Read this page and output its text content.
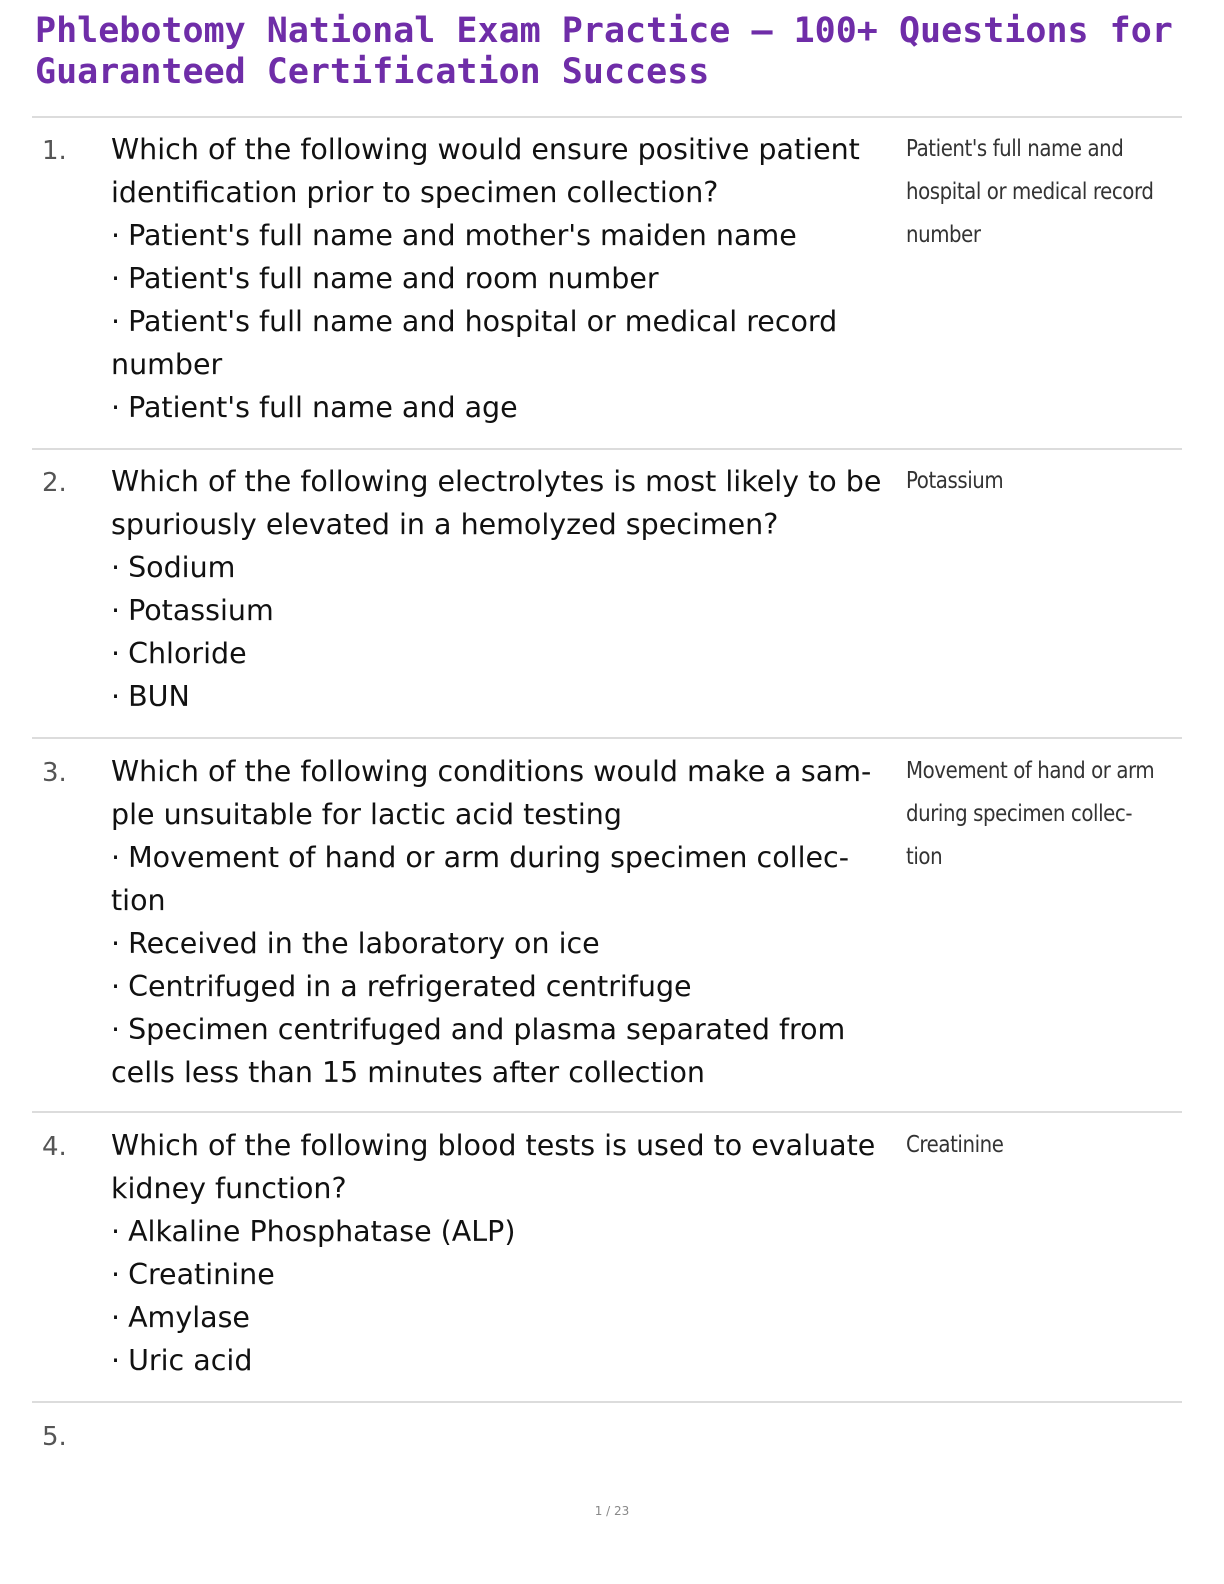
Phlebotomy National Exam Practice – 100+ Questions for Guaranteed Certification Success
1. Which of the following would ensure positive patient identification prior to specimen collection?
· Patient's full name and mother's maiden name
· Patient's full name and room number
· Patient's full name and hospital or medical record number
· Patient's full name and age
Patient's full name and hospital or medical record number
2. Which of the following electrolytes is most likely to be spuriously elevated in a hemolyzed specimen?
· Sodium
· Potassium
· Chloride
· BUN
Potassium
3. Which of the following conditions would make a sam- ple unsuitable for lactic acid testing
· Movement of hand or arm during specimen collec- tion
· Received in the laboratory on ice
· Centrifuged in a refrigerated centrifuge
· Specimen centrifuged and plasma separated from cells less than 15 minutes after collection
Movement of hand or arm during specimen collec- tion
4. Which of the following blood tests is used to evaluate kidney function?
· Alkaline Phosphatase (ALP)
· Creatinine
· Amylase
· Uric acid
Creatinine
5.
1 / 23
